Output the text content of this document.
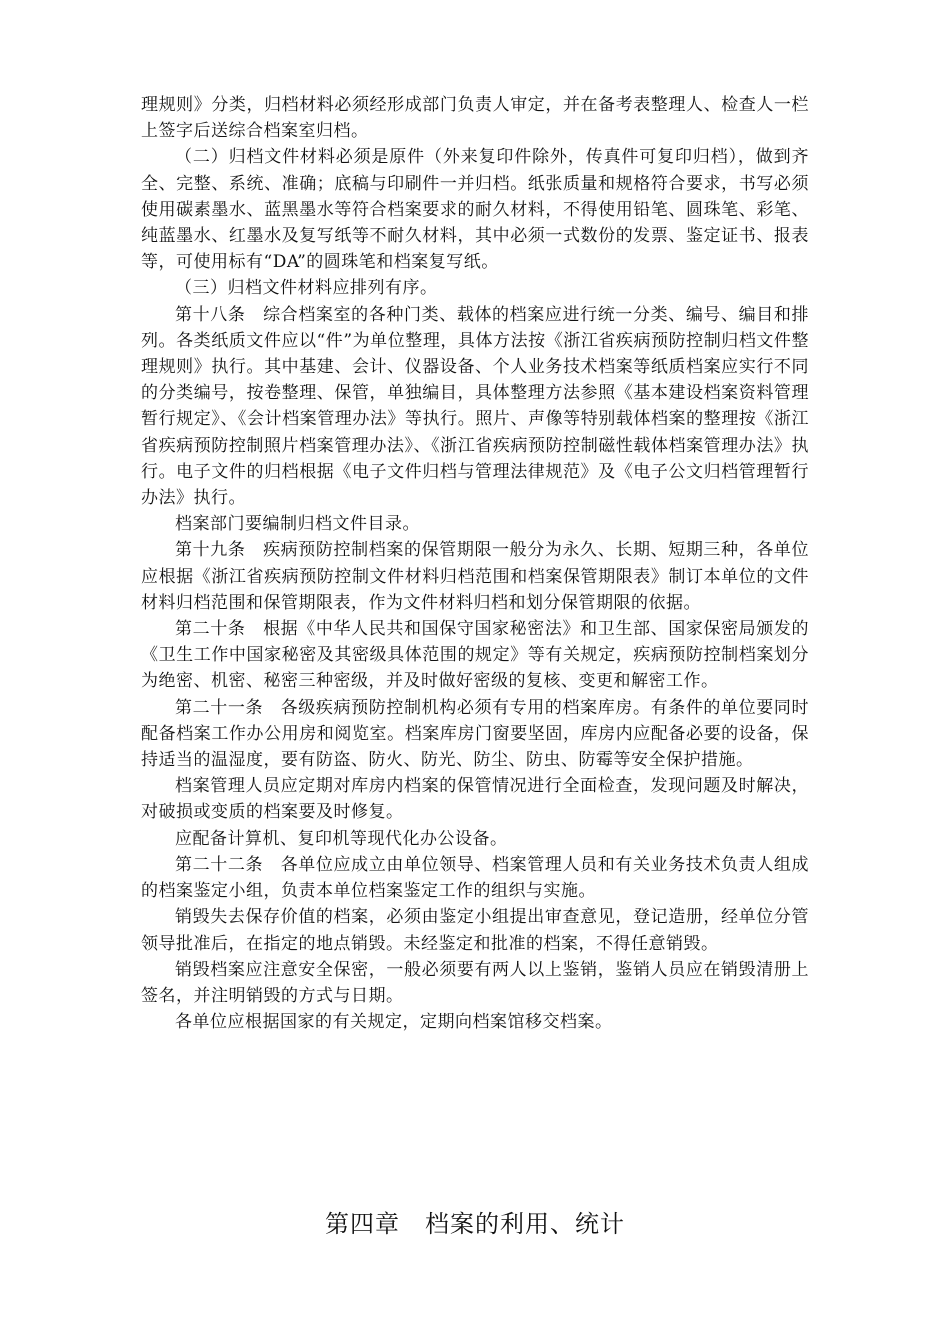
理规则》分类，归档材料必须经形成部门负责人审定，并在备考表整理人、检查人一栏上签字后送综合档案室归档。

（二）归档文件材料必须是原件（外来复印件除外，传真件可复印归档），做到齐全、完整、系统、准确；底稿与印刷件一并归档。纸张质量和规格符合要求，书写必须使用碳素墨水、蓝黑墨水等符合档案要求的耐久材料，不得使用铅笔、圆珠笔、彩笔、纯蓝墨水、红墨水及复写纸等不耐久材料，其中必须一式数份的发票、鉴定证书、报表等，可使用标有“DA”的圆珠笔和档案复写纸。

（三）归档文件材料应排列有序。

第十八条　综合档案室的各种门类、载体的档案应进行统一分类、编号、编目和排列。各类纸质文件应以“件”为单位整理，具体方法按《浙江省疾病预防控制归档文件整理规则》执行。其中基建、会计、仪器设备、个人业务技术档案等纸质档案应实行不同的分类编号，按卷整理、保管，单独编目，具体整理方法参照《基本建设档案资料管理暂行规定》、《会计档案管理办法》等执行。照片、声像等特别载体档案的整理按《浙江省疾病预防控制照片档案管理办法》、《浙江省疾病预防控制磁性载体档案管理办法》执行。电子文件的归档根据《电子文件归档与管理法律规范》及《电子公文归档管理暂行办法》执行。

档案部门要编制归档文件目录。

第十九条　疾病预防控制档案的保管期限一般分为永久、长期、短期三种，各单位应根据《浙江省疾病预防控制文件材料归档范围和档案保管期限表》制订本单位的文件材料归档范围和保管期限表，作为文件材料归档和划分保管期限的依据。

第二十条　根据《中华人民共和国保守国家秘密法》和卫生部、国家保密局颁发的《卫生工作中国家秘密及其密级具体范围的规定》等有关规定，疾病预防控制档案划分为绝密、机密、秘密三种密级，并及时做好密级的复核、变更和解密工作。

第二十一条　各级疾病预防控制机构必须有专用的档案库房。有条件的单位要同时配备档案工作办公用房和阅览室。档案库房门窗要坚固，库房内应配备必要的设备，保持适当的温湿度，要有防盗、防火、防光、防尘、防虫、防霉等安全保护措施。

档案管理人员应定期对库房内档案的保管情况进行全面检查，发现问题及时解决，对破损或变质的档案要及时修复。

应配备计算机、复印机等现代化办公设备。

第二十二条　各单位应成立由单位领导、档案管理人员和有关业务技术负责人组成的档案鉴定小组，负责本单位档案鉴定工作的组织与实施。

销毁失去保存价值的档案，必须由鉴定小组提出审查意见，登记造册，经单位分管领导批准后，在指定的地点销毁。未经鉴定和批准的档案，不得任意销毁。

销毁档案应注意安全保密，一般必须要有两人以上鉴销，鉴销人员应在销毁清册上签名，并注明销毁的方式与日期。

各单位应根据国家的有关规定，定期向档案馆移交档案。

第四章　档案的利用、统计
